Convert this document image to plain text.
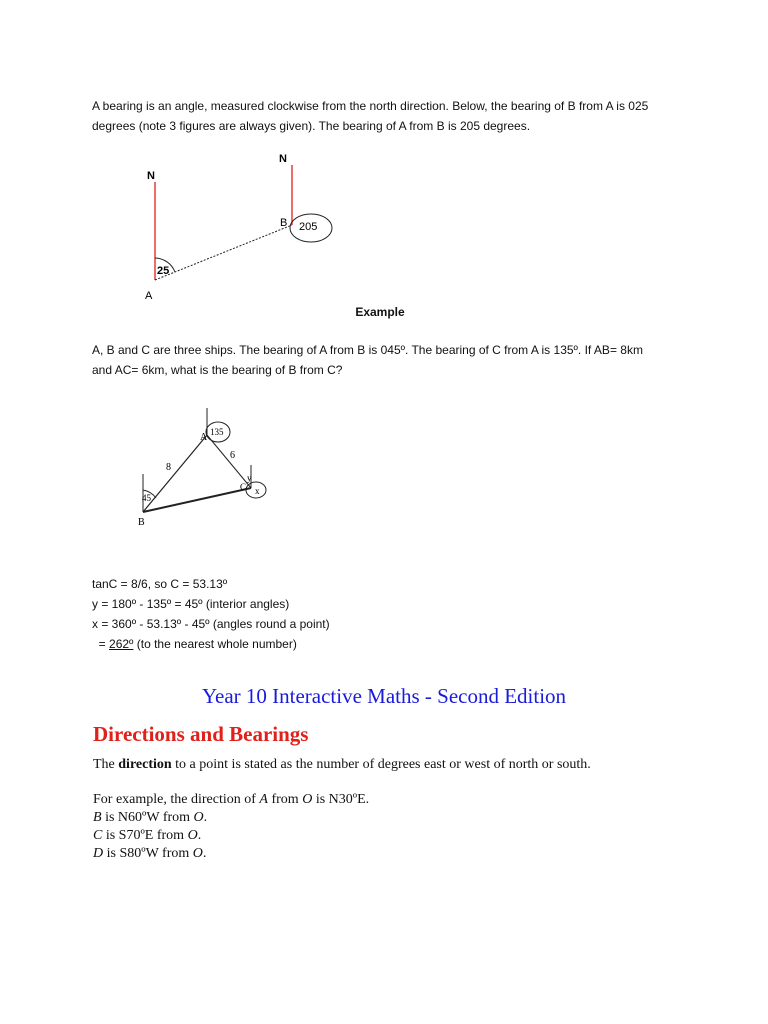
A bearing is an angle, measured clockwise from the north direction. Below, the bearing of B from A is 025
degrees (note 3 figures are always given). The bearing of A from B is 205 degrees.
N
N
A
B
25
205
Example
A, B and C are three ships. The bearing of A from B is 045º. The bearing of C from A is 135º. If AB= 8km
and AC= 6km, what is the bearing of B from C?
A
B
C
8
6
135
45
y
x
tanC = 8/6, so C = 53.13º
y = 180º - 135º = 45º (interior angles)
x = 360º - 53.13º - 45º (angles round a point)
= 262º (to the nearest whole number)
Year 10 Interactive Maths - Second Edition
Directions and Bearings
The direction to a point is stated as the number of degrees east or west of north or south.
For example, the direction of A from O is N30ºE.
B is N60ºW from O.
C is S70ºE from O.
D is S80ºW from O.
